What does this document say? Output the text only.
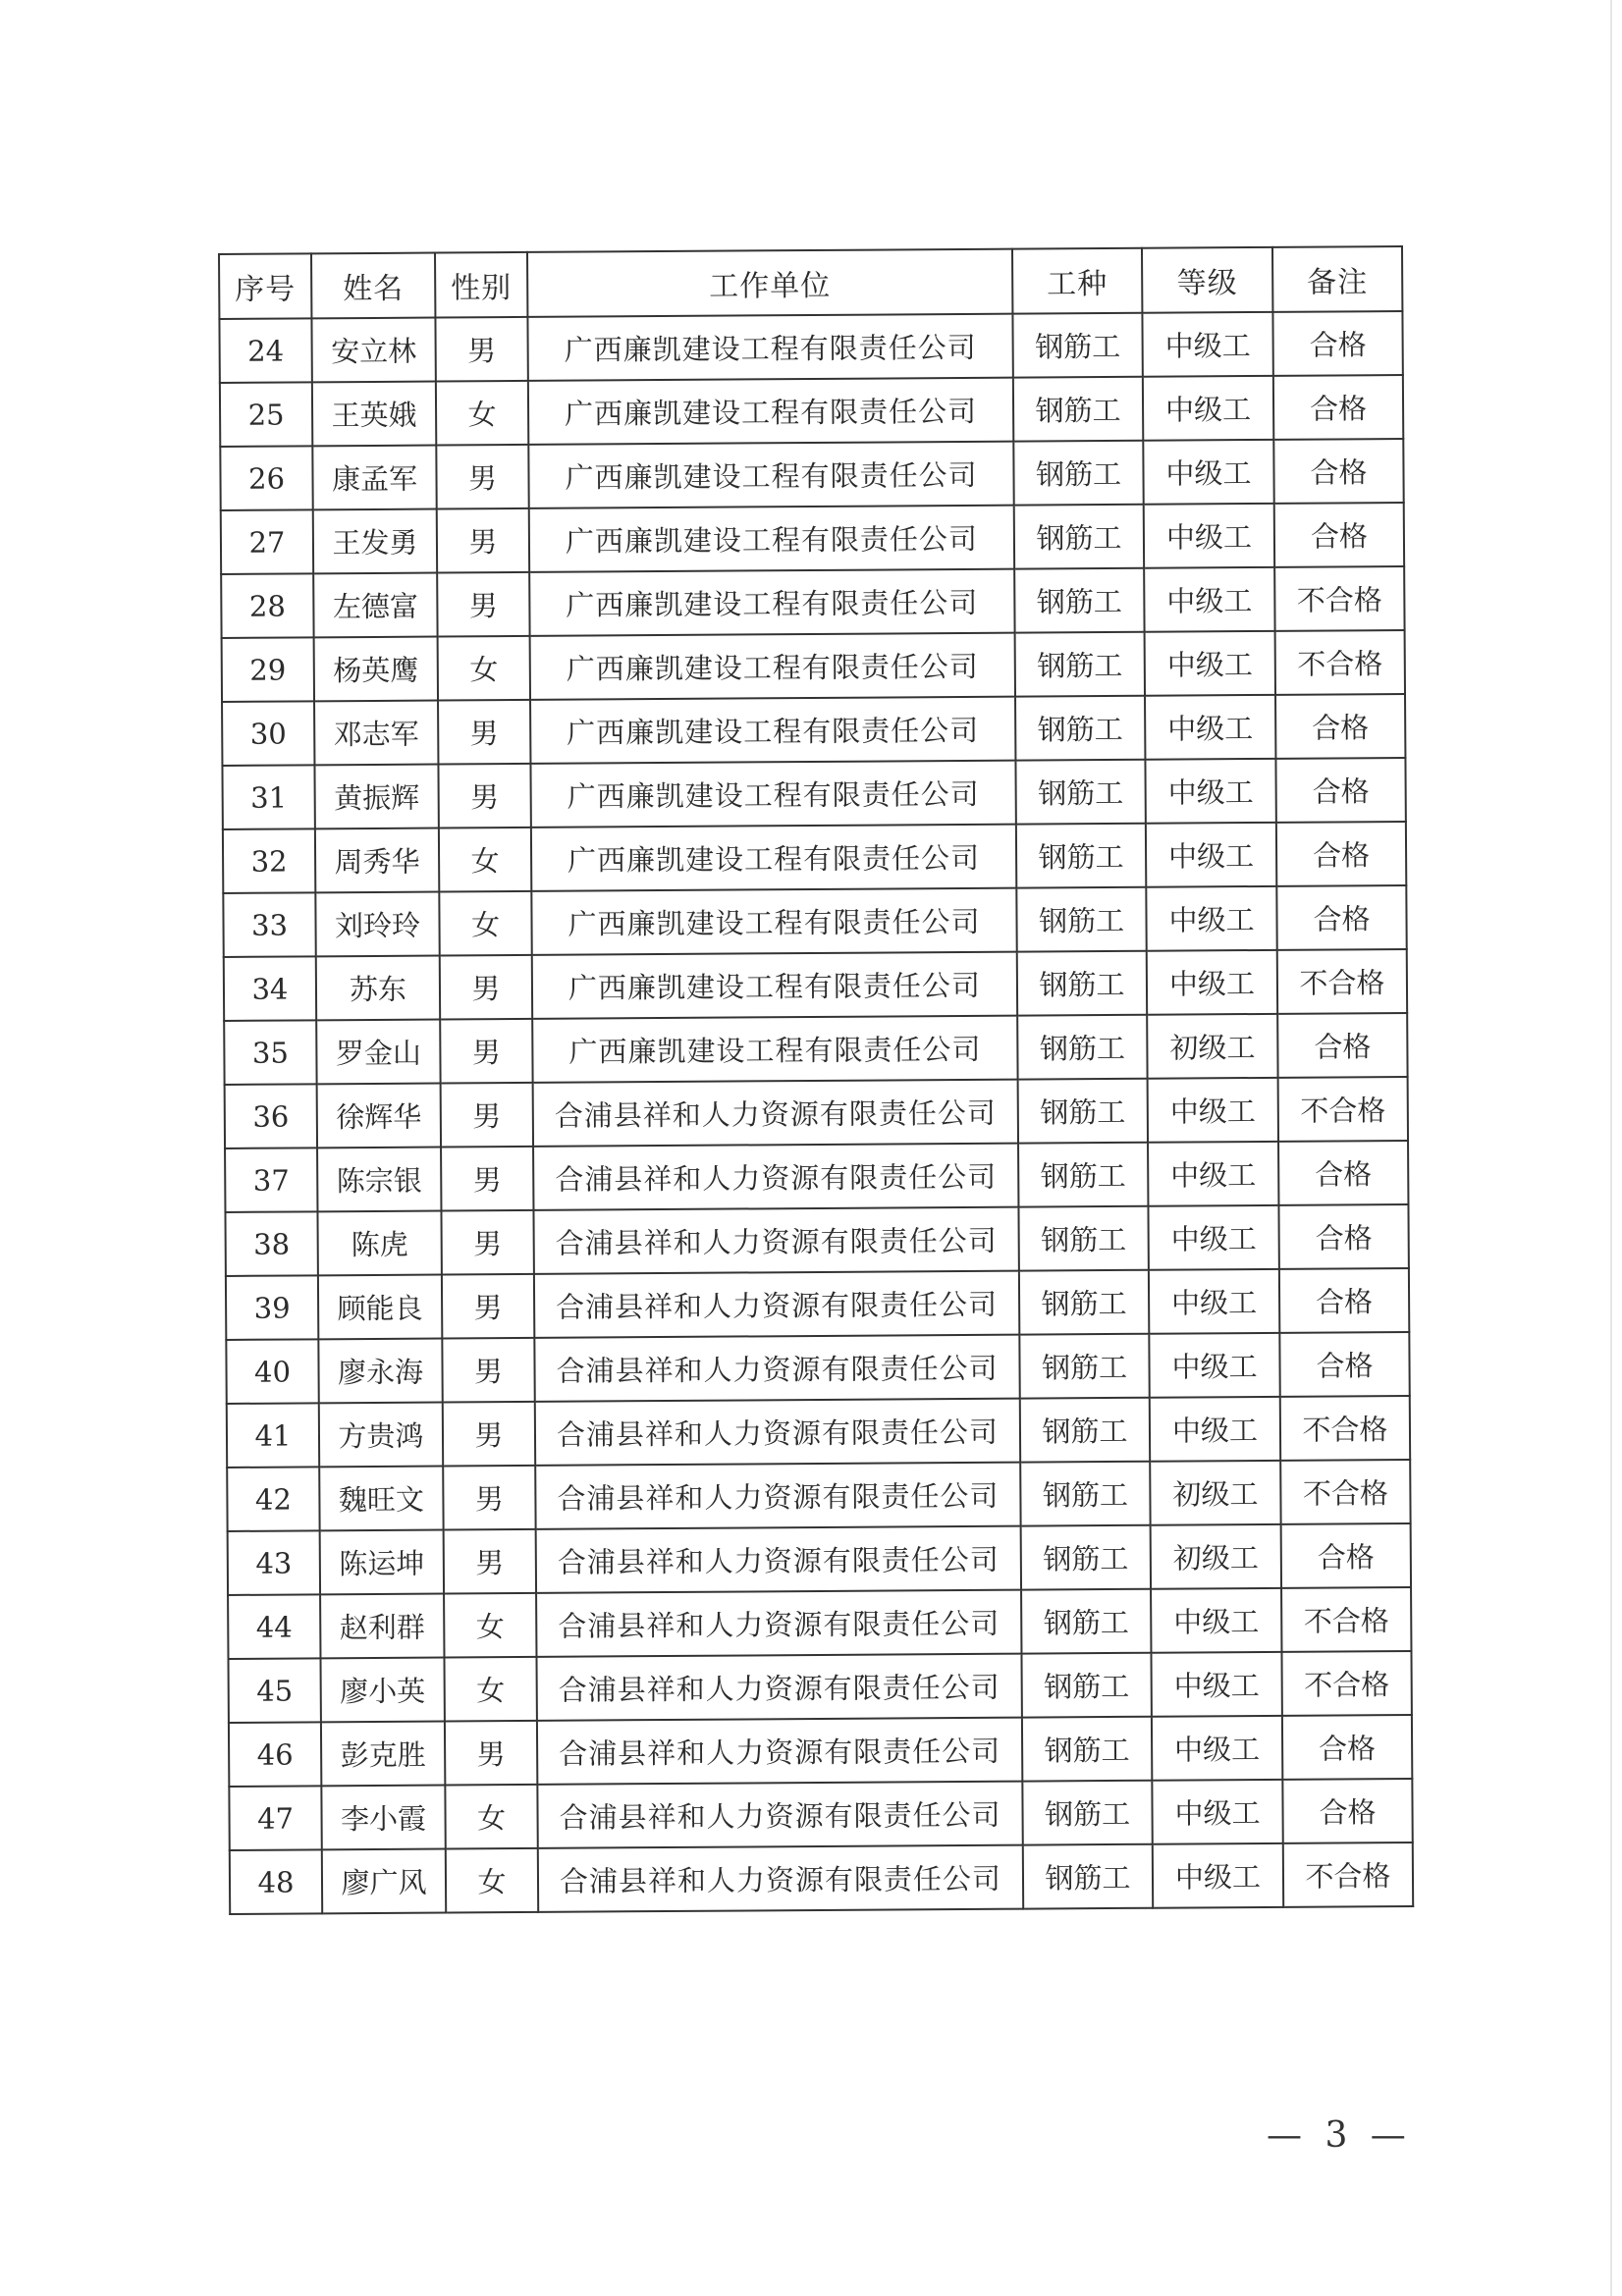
序号	姓名	性别	工作单位	工种	等级	备注
24	安立林	男	广西廉凯建设工程有限责任公司	钢筋工	中级工	合格
25	王英娥	女	广西廉凯建设工程有限责任公司	钢筋工	中级工	合格
26	康孟军	男	广西廉凯建设工程有限责任公司	钢筋工	中级工	合格
27	王发勇	男	广西廉凯建设工程有限责任公司	钢筋工	中级工	合格
28	左德富	男	广西廉凯建设工程有限责任公司	钢筋工	中级工	不合格
29	杨英鹰	女	广西廉凯建设工程有限责任公司	钢筋工	中级工	不合格
30	邓志军	男	广西廉凯建设工程有限责任公司	钢筋工	中级工	合格
31	黄振辉	男	广西廉凯建设工程有限责任公司	钢筋工	中级工	合格
32	周秀华	女	广西廉凯建设工程有限责任公司	钢筋工	中级工	合格
33	刘玲玲	女	广西廉凯建设工程有限责任公司	钢筋工	中级工	合格
34	苏东	男	广西廉凯建设工程有限责任公司	钢筋工	中级工	不合格
35	罗金山	男	广西廉凯建设工程有限责任公司	钢筋工	初级工	合格
36	徐辉华	男	合浦县祥和人力资源有限责任公司	钢筋工	中级工	不合格
37	陈宗银	男	合浦县祥和人力资源有限责任公司	钢筋工	中级工	合格
38	陈虎	男	合浦县祥和人力资源有限责任公司	钢筋工	中级工	合格
39	顾能良	男	合浦县祥和人力资源有限责任公司	钢筋工	中级工	合格
40	廖永海	男	合浦县祥和人力资源有限责任公司	钢筋工	中级工	合格
41	方贵鸿	男	合浦县祥和人力资源有限责任公司	钢筋工	中级工	不合格
42	魏旺文	男	合浦县祥和人力资源有限责任公司	钢筋工	初级工	不合格
43	陈运坤	男	合浦县祥和人力资源有限责任公司	钢筋工	初级工	合格
44	赵利群	女	合浦县祥和人力资源有限责任公司	钢筋工	中级工	不合格
45	廖小英	女	合浦县祥和人力资源有限责任公司	钢筋工	中级工	不合格
46	彭克胜	男	合浦县祥和人力资源有限责任公司	钢筋工	中级工	合格
47	李小霞	女	合浦县祥和人力资源有限责任公司	钢筋工	中级工	合格
48	廖广风	女	合浦县祥和人力资源有限责任公司	钢筋工	中级工	不合格
— 3 —
